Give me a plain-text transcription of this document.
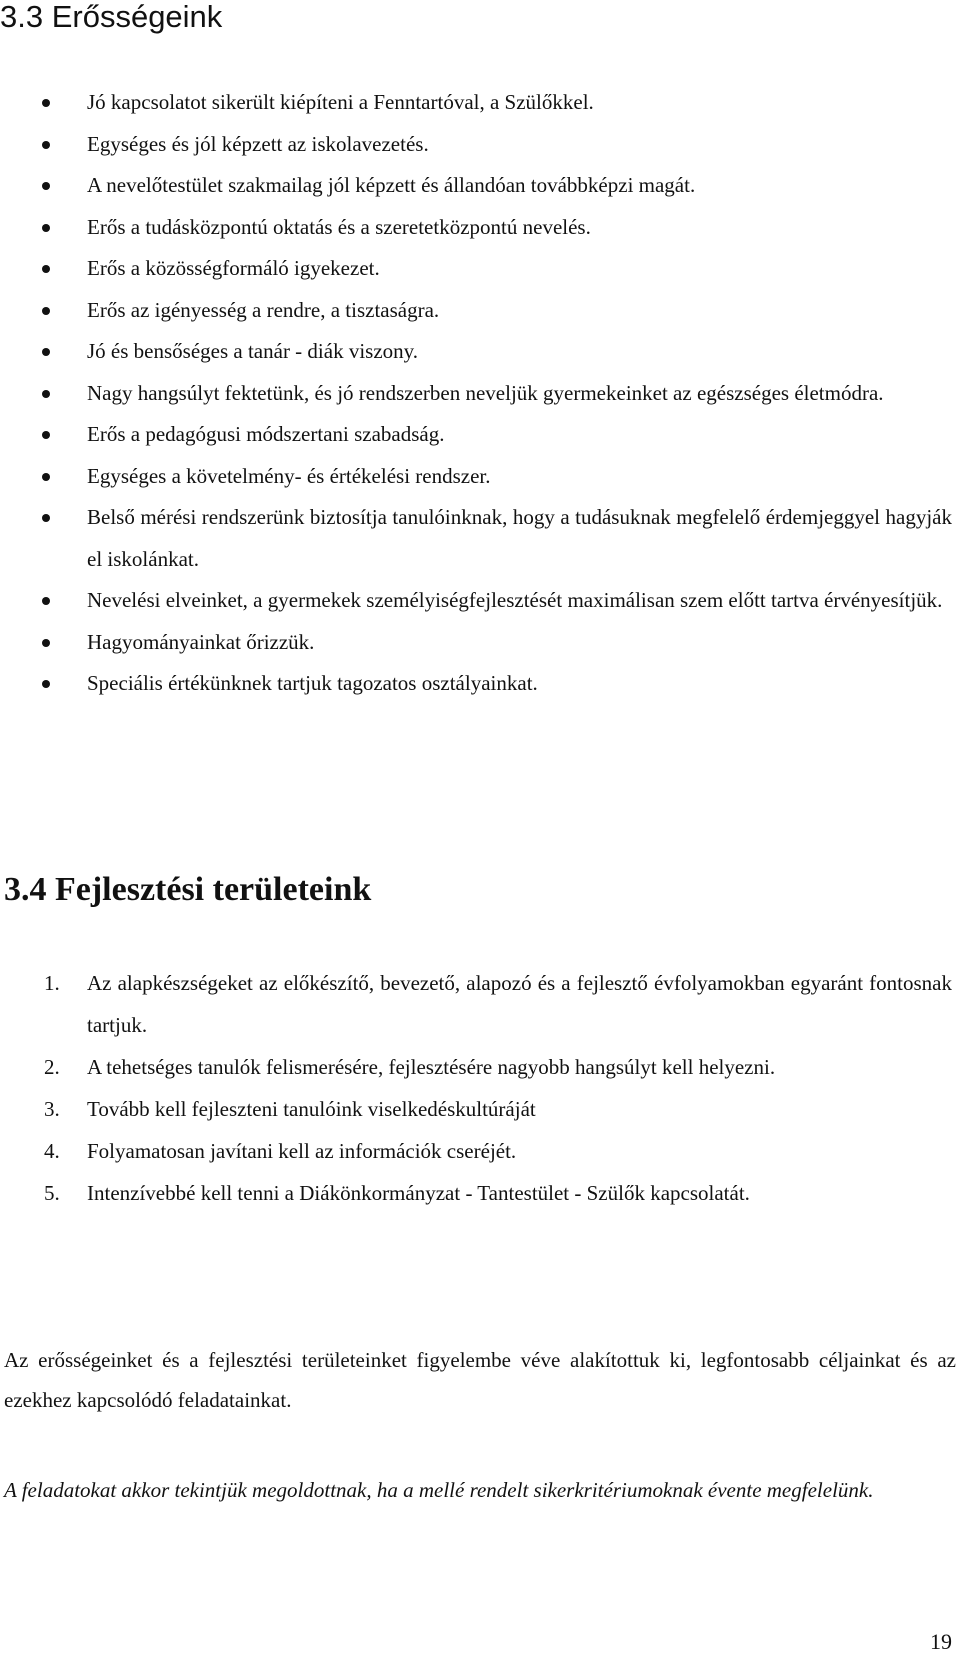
3.3 Erősségeink
Jó kapcsolatot sikerült kiépíteni a Fenntartóval, a Szülőkkel.
Egységes és jól képzett az iskolavezetés.
A nevelőtestület szakmailag jól képzett és állandóan továbbképzi magát.
Erős a tudásközpontú oktatás és a szeretetközpontú nevelés.
Erős a közösségformáló igyekezet.
Erős az igényesség a rendre, a tisztaságra.
Jó és bensőséges a tanár - diák viszony.
Nagy hangsúlyt fektetünk, és jó rendszerben neveljük gyermekeinket az egészséges életmódra.
Erős a pedagógusi módszertani szabadság.
Egységes a követelmény- és értékelési rendszer.
Belső mérési rendszerünk biztosítja tanulóinknak, hogy a tudásuknak megfelelő érdemjeggyel hagyják el iskolánkat.
Nevelési elveinket, a gyermekek személyiségfejlesztését maximálisan szem előtt tartva érvényesítjük.
Hagyományainkat őrizzük.
Speciális értékünknek tartjuk tagozatos osztályainkat.
3.4 Fejlesztési területeink
1. Az alapkészségeket az előkészítő, bevezető, alapozó és a fejlesztő évfolyamokban egyaránt fontosnak tartjuk.
2. A tehetséges tanulók felismerésére, fejlesztésére nagyobb hangsúlyt kell helyezni.
3. Tovább kell fejleszteni tanulóink viselkedéskultúráját
4. Folyamatosan javítani kell az információk cseréjét.
5. Intenzívebbé kell tenni a Diákönkormányzat - Tantestület - Szülők kapcsolatát.

Az erősségeinket és a fejlesztési területeinket figyelembe véve alakítottuk ki, legfontosabb céljainkat és az ezekhez kapcsolódó feladatainkat.

A feladatokat akkor tekintjük megoldottnak, ha a mellé rendelt sikerkritériumoknak évente megfelelünk.

19
